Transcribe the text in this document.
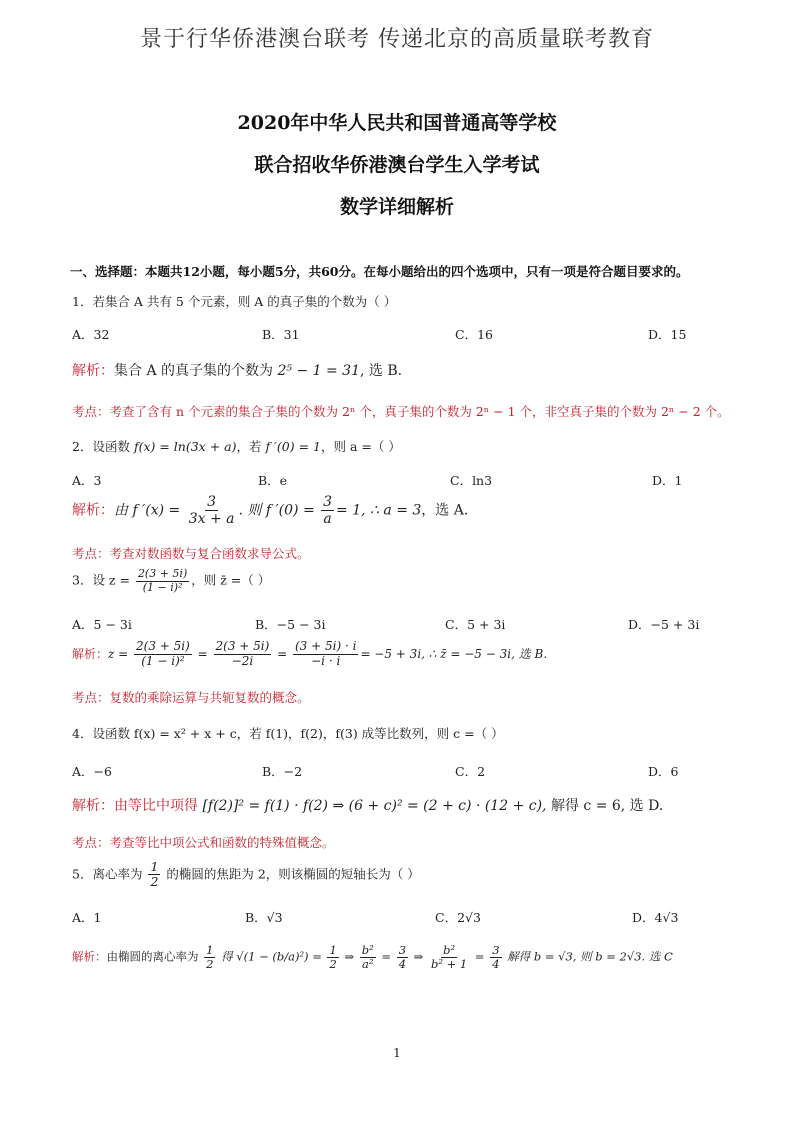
景于行华侨港澳台联考 传递北京的高质量联考教育
2020年中华人民共和国普通高等学校
联合招收华侨港澳台学生入学考试
数学详细解析
一、选择题：本题共12小题，每小题5分，共60分。在每小题给出的四个选项中，只有一项是符合题目要求的。
1．若集合 A 共有 5 个元素，则 A 的真子集的个数为（ ）
A．32	B．31	C．16	D．15
解析：集合 A 的真子集的个数为 2⁵ − 1 = 31, 选 B.
考点：考查了含有 n 个元素的集合子集的个数为 2ⁿ 个，真子集的个数为 2ⁿ − 1 个，非空真子集的个数为 2ⁿ − 2 个。
2．设函数 f(x) = ln(3x + a)，若 f ′(0) = 1，则 a =（ ）
A．3	B．e	C．ln3	D．1
解析：由 f $'(x) = \frac{3}{3x + a}$ . 则 f $'(0) = \frac{3}{a} = 1$, ∴ a = 3，选 A.
考点：考查对数函数与复合函数求导公式。
3．设 $z = \frac{2(3 + 5i)}{\text{(1 − i)²}}$ ，则 z̄ =（ ）
A．5 − 3i	B．−5 − 3i	C．5 + 3i	D．−5 + 3i
解析：$z = \frac{2(3 + 5i)}{\text{(1 − i)²}} = \frac{2(3 + 5i)}{-2i} = \frac{(3 + 5i) \cdot i}{-i \cdot i} = -5 + 3i$, ∴ z̄ = −5 − 3i, 选 B.
考点：复数的乘除运算与共轭复数的概念。
4．设函数 f(x) = x² + x + c，若 f(1)，f(2)，f(3) 成等比数列，则 c =（ ）
A．−6	B．−2	C．2	D．6
解析：由等比中项得 [f(2)]² = f(1) · f(2) ⇒ (6 + c)² = (2 + c) · (12 + c), 解得 c = 6, 选 D.
考点：考查等比中项公式和函数的特殊值概念。
5．离心率为 $\frac{1}{2}$ 的椭圆的焦距为 2，则该椭圆的短轴长为（ ）
A．1	B．√3	C．2√3	D．4√3
解析：由椭圆的离心率为 $\frac{1}{2}$ 得 $√(1 - (b/a)^2) = \frac{1}{2}$ ⇒ $\frac{\text{b²}}{\text{a²}} = \frac{3}{4}$ ⇒ $\frac{\text{b²}}{\text{b² + 1}} = \frac{3}{4}$ 解得 b = √3, 则 b = 2√3. 选 C
1
